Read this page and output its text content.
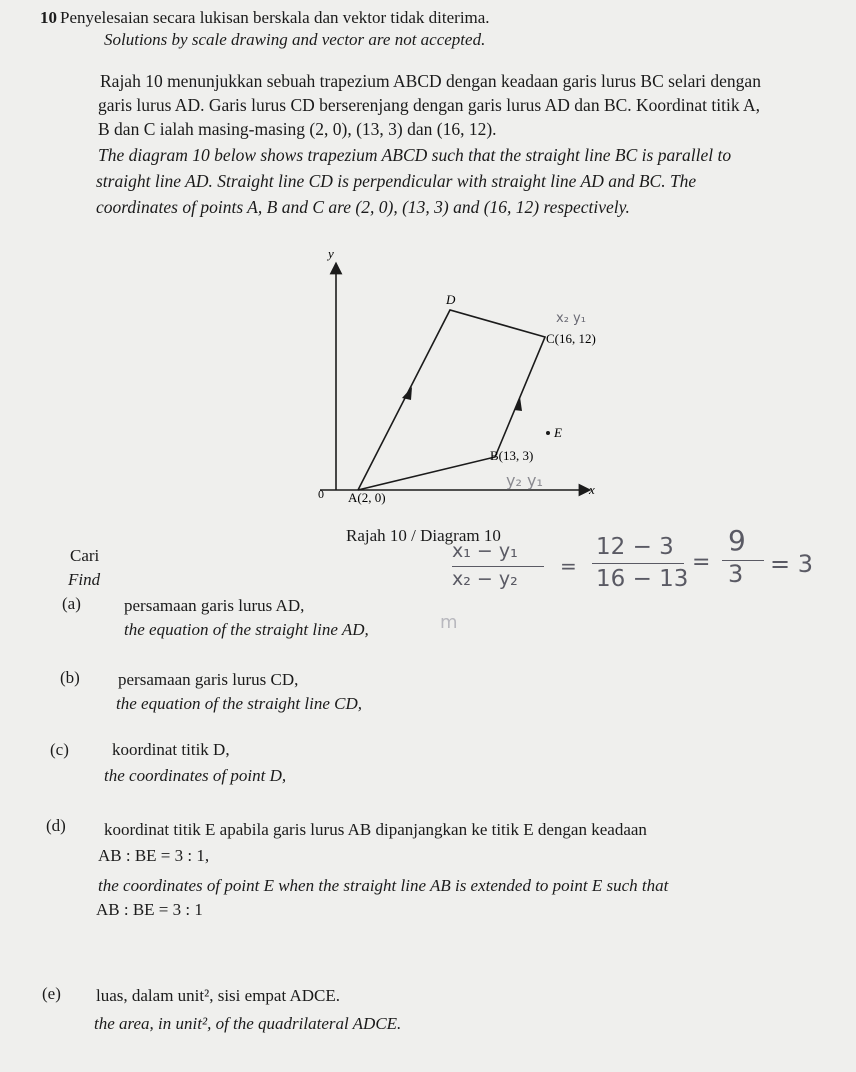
10 Penyelesaian secara lukisan berskala dan vektor tidak diterima.
Solutions by scale drawing and vector are not accepted.
Rajah 10 menunjukkan sebuah trapezium ABCD dengan keadaan garis lurus BC selari dengan
garis lurus AD. Garis lurus CD berserenjang dengan garis lurus AD dan BC. Koordinat titik A,
B dan C ialah masing-masing (2, 0), (13, 3) dan (16, 12).
The diagram 10 below shows trapezium ABCD such that the straight line BC is parallel to
straight line AD. Straight line CD is perpendicular with straight line AD and BC. The
coordinates of points A, B and C are (2, 0), (13, 3) and (16, 12) respectively.
y
x
0
D
C(16, 12)
E
B(13, 3)
A(2, 0)
x₂ y₁
y₂ y₁
Rajah 10 / Diagram 10
Cari
Find
x₁ − y₁
x₂ − y₂
=
12 − 3
16 − 13
=
9
3 = 3
m
(a)	persamaan garis lurus AD,
the equation of the straight line AD,
(b) persamaan garis lurus CD,
the equation of the straight line CD,
(c)	koordinat titik D,
the coordinates of point D,
(d) koordinat titik E apabila garis lurus AB dipanjangkan ke titik E dengan keadaan
AB : BE = 3 : 1,
the coordinates of point E when the straight line AB is extended to point E such that
AB : BE = 3 : 1
(e) luas, dalam unit², sisi empat ADCE.
the area, in unit², of the quadrilateral ADCE.
